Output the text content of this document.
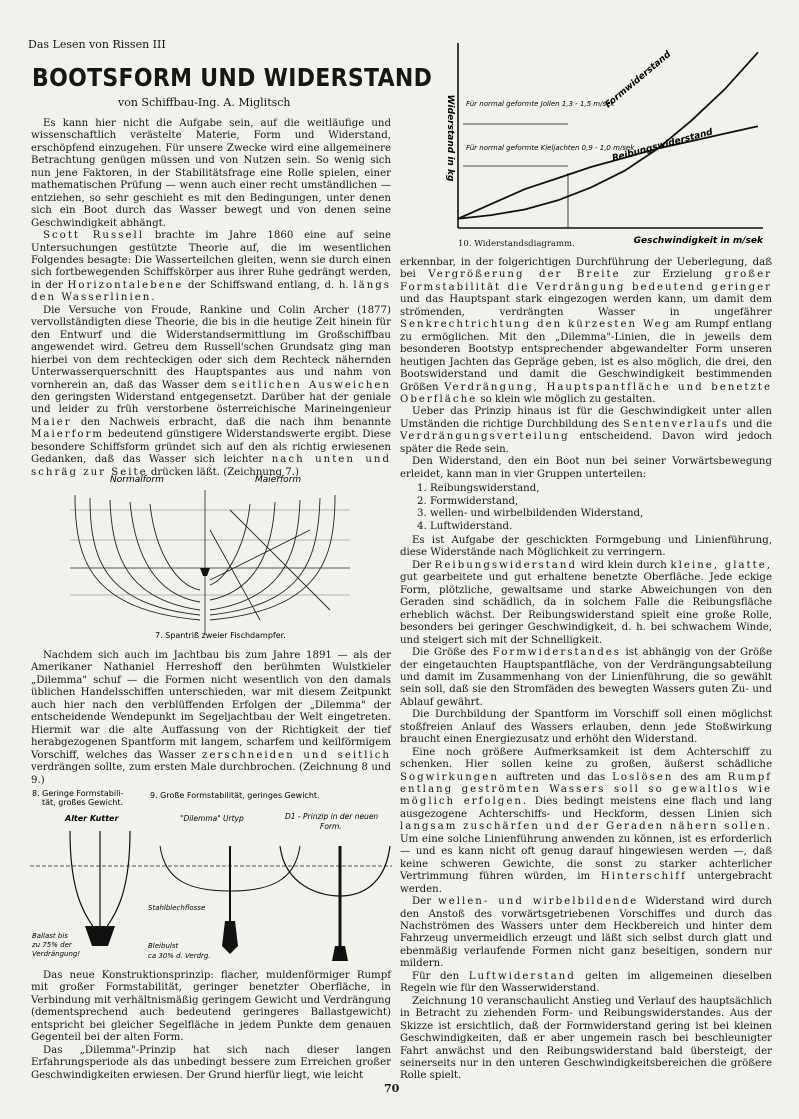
Das Lesen von Rissen III
BOOTSFORM UND WIDERSTAND
von Schiffbau-Ing. A. Miglitsch

Es kann hier nicht die Aufgabe sein, auf die weitläufige und wissenschaftlich verästelte Materie, Form und Widerstand, erschöpfend einzugehen. Für unsere Zwecke wird eine allgemeinere Betrachtung genügen müssen und von Nutzen sein. So wenig sich nun jene Faktoren, in der Stabilitätsfrage eine Rolle spielen, einer mathematischen Prüfung — wenn auch einer recht umständlichen — entziehen, so sehr geschieht es mit den Bedingungen, unter denen sich ein Boot durch das Wasser bewegt und von denen seine Geschwindigkeit abhängt.

Scott Russell brachte im Jahre 1860 eine auf seine Untersuchungen gestützte Theorie auf, die im wesentlichen Folgendes besagte: Die Wasserteilchen gleiten, wenn sie durch einen sich fortbewegenden Schiffskörper aus ihrer Ruhe gedrängt werden, in der Horizontalebene der Schiffswand entlang, d. h. längs den Wasserlinien.

Die Versuche von Froude, Rankine und Colin Archer (1877) vervollständigten diese Theorie, die bis in die heutige Zeit hinein für den Entwurf und die Widerstandsermittlung im Großschiffbau angewendet wird. Getreu dem Russell'schen Grundsatz ging man hierbei von dem rechteckigen oder sich dem Rechteck nähernden Unterwasserquerschnitt des Hauptspantes aus und nahm von vornherein an, daß das Wasser dem seitlichen Ausweichen den geringsten Widerstand entgegensetzt. Darüber hat der geniale und leider zu früh verstorbene österreichische Marineingenieur Maier den Nachweis erbracht, daß die nach ihm benannte Maierform bedeutend günstigere Widerstandswerte ergibt. Diese besondere Schiffsform gründet sich auf den als richtig erwiesenen Gedanken, daß das Wasser sich leichter nach unten und schräg zur Seite drücken läßt. (Zeichnung 7.)

Normalform	Maierform
7. Spantriß zweier Fischdampfer.

Nachdem sich auch im Jachtbau bis zum Jahre 1891 — als der Amerikaner Nathaniel Herreshoff den berühmten Wulstkieler „Dilemma" schuf — die Formen nicht wesentlich von den damals üblichen Handelsschiffen unterschieden, war mit diesem Zeitpunkt auch hier nach den verblüffenden Erfolgen der „Dilemma" der entscheidende Wendepunkt im Segeljachtbau der Welt eingetreten. Hiermit war die alte Auffassung von der Richtigkeit der tief herabgezogenen Spantform mit langem, scharfem und keilförmigem Vorschiff, welches das Wasser zerschneiden und seitlich verdrängen sollte, zum ersten Male durchbrochen. (Zeichnung 8 und 9.)

8. Geringe Formstabili-
tät, großes Gewicht.
9. Große Formstabilität, geringes Gewicht.
Alter Kutter	"Dilemma" Urtyp	D1 - Prinzip in der neuen
Form.
Ballast bis
zu 75% der
Verdrängung!
Stahlblechflosse
Bleibulst
ca 30% d. Verdrg.

Das neue Konstruktionsprinzip: flacher, muldenförmiger Rumpf mit großer Formstabilität, geringer benetzter Oberfläche, in Verbindung mit verhältnismäßig geringem Gewicht und Verdrängung (dementsprechend auch bedeutend geringeres Ballastgewicht) entspricht bei gleicher Segelfläche in jedem Punkte dem genauen Gegenteil bei der alten Form.

Das „Dilemma"-Prinzip hat sich nach dieser langen Erfahrungsperiode als das unbedingt bessere zum Erreichen großer Geschwindigkeiten erwiesen. Der Grund hierfür liegt, wie leicht

Widerstand in kg
Geschwindigkeit in m/sek
Für normal geformte Jollen 1,3 - 1,5 m/sek
Für normal geformte Kieljachten 0,9 - 1,0 m/sek
Formwiderstand
Reibungswiderstand
10. Widerstandsdiagramm.

erkennbar, in der folgerichtigen Durchführung der Ueberlegung, daß bei Vergrößerung der Breite zur Erzielung großer Formstabilität die Verdrängung bedeutend geringer und das Hauptspant stark eingezogen werden kann, um damit dem strömenden, verdrängten Wasser in ungefährer Senkrechtrichtung den kürzesten Weg am Rumpf entlang zu ermöglichen. Mit den „Dilemma"-Linien, die in jeweils dem besonderen Bootstyp entsprechender abgewandelter Form unseren heutigen Jachten das Gepräge geben, ist es also möglich, die drei, den Bootswiderstand und damit die Geschwindigkeit bestimmenden Größen Verdrängung, Hauptspantfläche und benetzte Oberfläche so klein wie möglich zu gestalten.

Ueber das Prinzip hinaus ist für die Geschwindigkeit unter allen Umständen die richtige Durchbildung des Sentenverlaufs und die Verdrängungsverteilung entscheidend. Davon wird jedoch später die Rede sein.

Den Widerstand, den ein Boot nun bei seiner Vorwärtsbewegung erleidet, kann man in vier Gruppen unterteilen:

1. Reibungswiderstand,
2. Formwiderstand,
3. wellen- und wirbelbildenden Widerstand,
4. Luftwiderstand.

Es ist Aufgabe der geschickten Formgebung und Linienführung, diese Widerstände nach Möglichkeit zu verringern.

Der Reibungswiderstand wird klein durch kleine, glatte, gut gearbeitete und gut erhaltene benetzte Oberfläche. Jede eckige Form, plötzliche, gewaltsame und starke Abweichungen von den Geraden sind schädlich, da in solchem Falle die Reibungsfläche erheblich wächst. Der Reibungswiderstand spielt eine große Rolle, besonders bei geringer Geschwindigkeit, d. h. bei schwachem Winde, und steigert sich mit der Schnelligkeit.

Die Größe des Formwiderstandes ist abhängig von der Größe der eingetauchten Hauptspantfläche, von der Verdrängungsabteilung und damit im Zusammenhang von der Linienführung, die so gewählt sein soll, daß sie den Stromfäden des bewegten Wassers guten Zu- und Ablauf gewährt.

Die Durchbildung der Spantform im Vorschiff soll einen möglichst stoßfreien Anlauf des Wassers erlauben, denn jede Stoßwirkung braucht einen Energiezusatz und erhöht den Widerstand.

Eine noch größere Aufmerksamkeit ist dem Achterschiff zu schenken. Hier sollen keine zu großen, äußerst schädliche Sogwirkungen auftreten und das Loslösen des am Rumpf entlang geströmten Wassers soll so gewaltlos wie möglich erfolgen. Dies bedingt meistens eine flach und lang ausgezogene Achterschiffs- und Heckform, dessen Linien sich langsam zuschärfen und der Geraden nähern sollen. Um eine solche Linienführung anwenden zu können, ist es erforderlich — und es kann nicht oft genug darauf hingewiesen werden —, daß keine schweren Gewichte, die sonst zu starker achterlicher Vertrimmung führen würden, im Hinterschiff untergebracht werden.

Der wellen- und wirbelbildende Widerstand wird durch den Anstoß des vorwärtsgetriebenen Vorschiffes und durch das Nachströmen des Wassers unter dem Heckbereich und hinter dem Fahrzeug unvermeidlich erzeugt und läßt sich selbst durch glatt und ebenmäßig verlaufende Formen nicht ganz beseitigen, sondern nur mildern.

Für den Luftwiderstand gelten im allgemeinen dieselben Regeln wie für den Wasserwiderstand.

Zeichnung 10 veranschaulicht Anstieg und Verlauf des hauptsächlich in Betracht zu ziehenden Form- und Reibungswiderstandes. Aus der Skizze ist ersichtlich, daß der Formwiderstand gering ist bei kleinen Geschwindigkeiten, daß er aber ungemein rasch bei beschleunigter Fahrt anwächst und den Reibungswiderstand bald übersteigt, der seinerseits nur in den unteren Geschwindigkeitsbereichen die größere Rolle spielt.

70
